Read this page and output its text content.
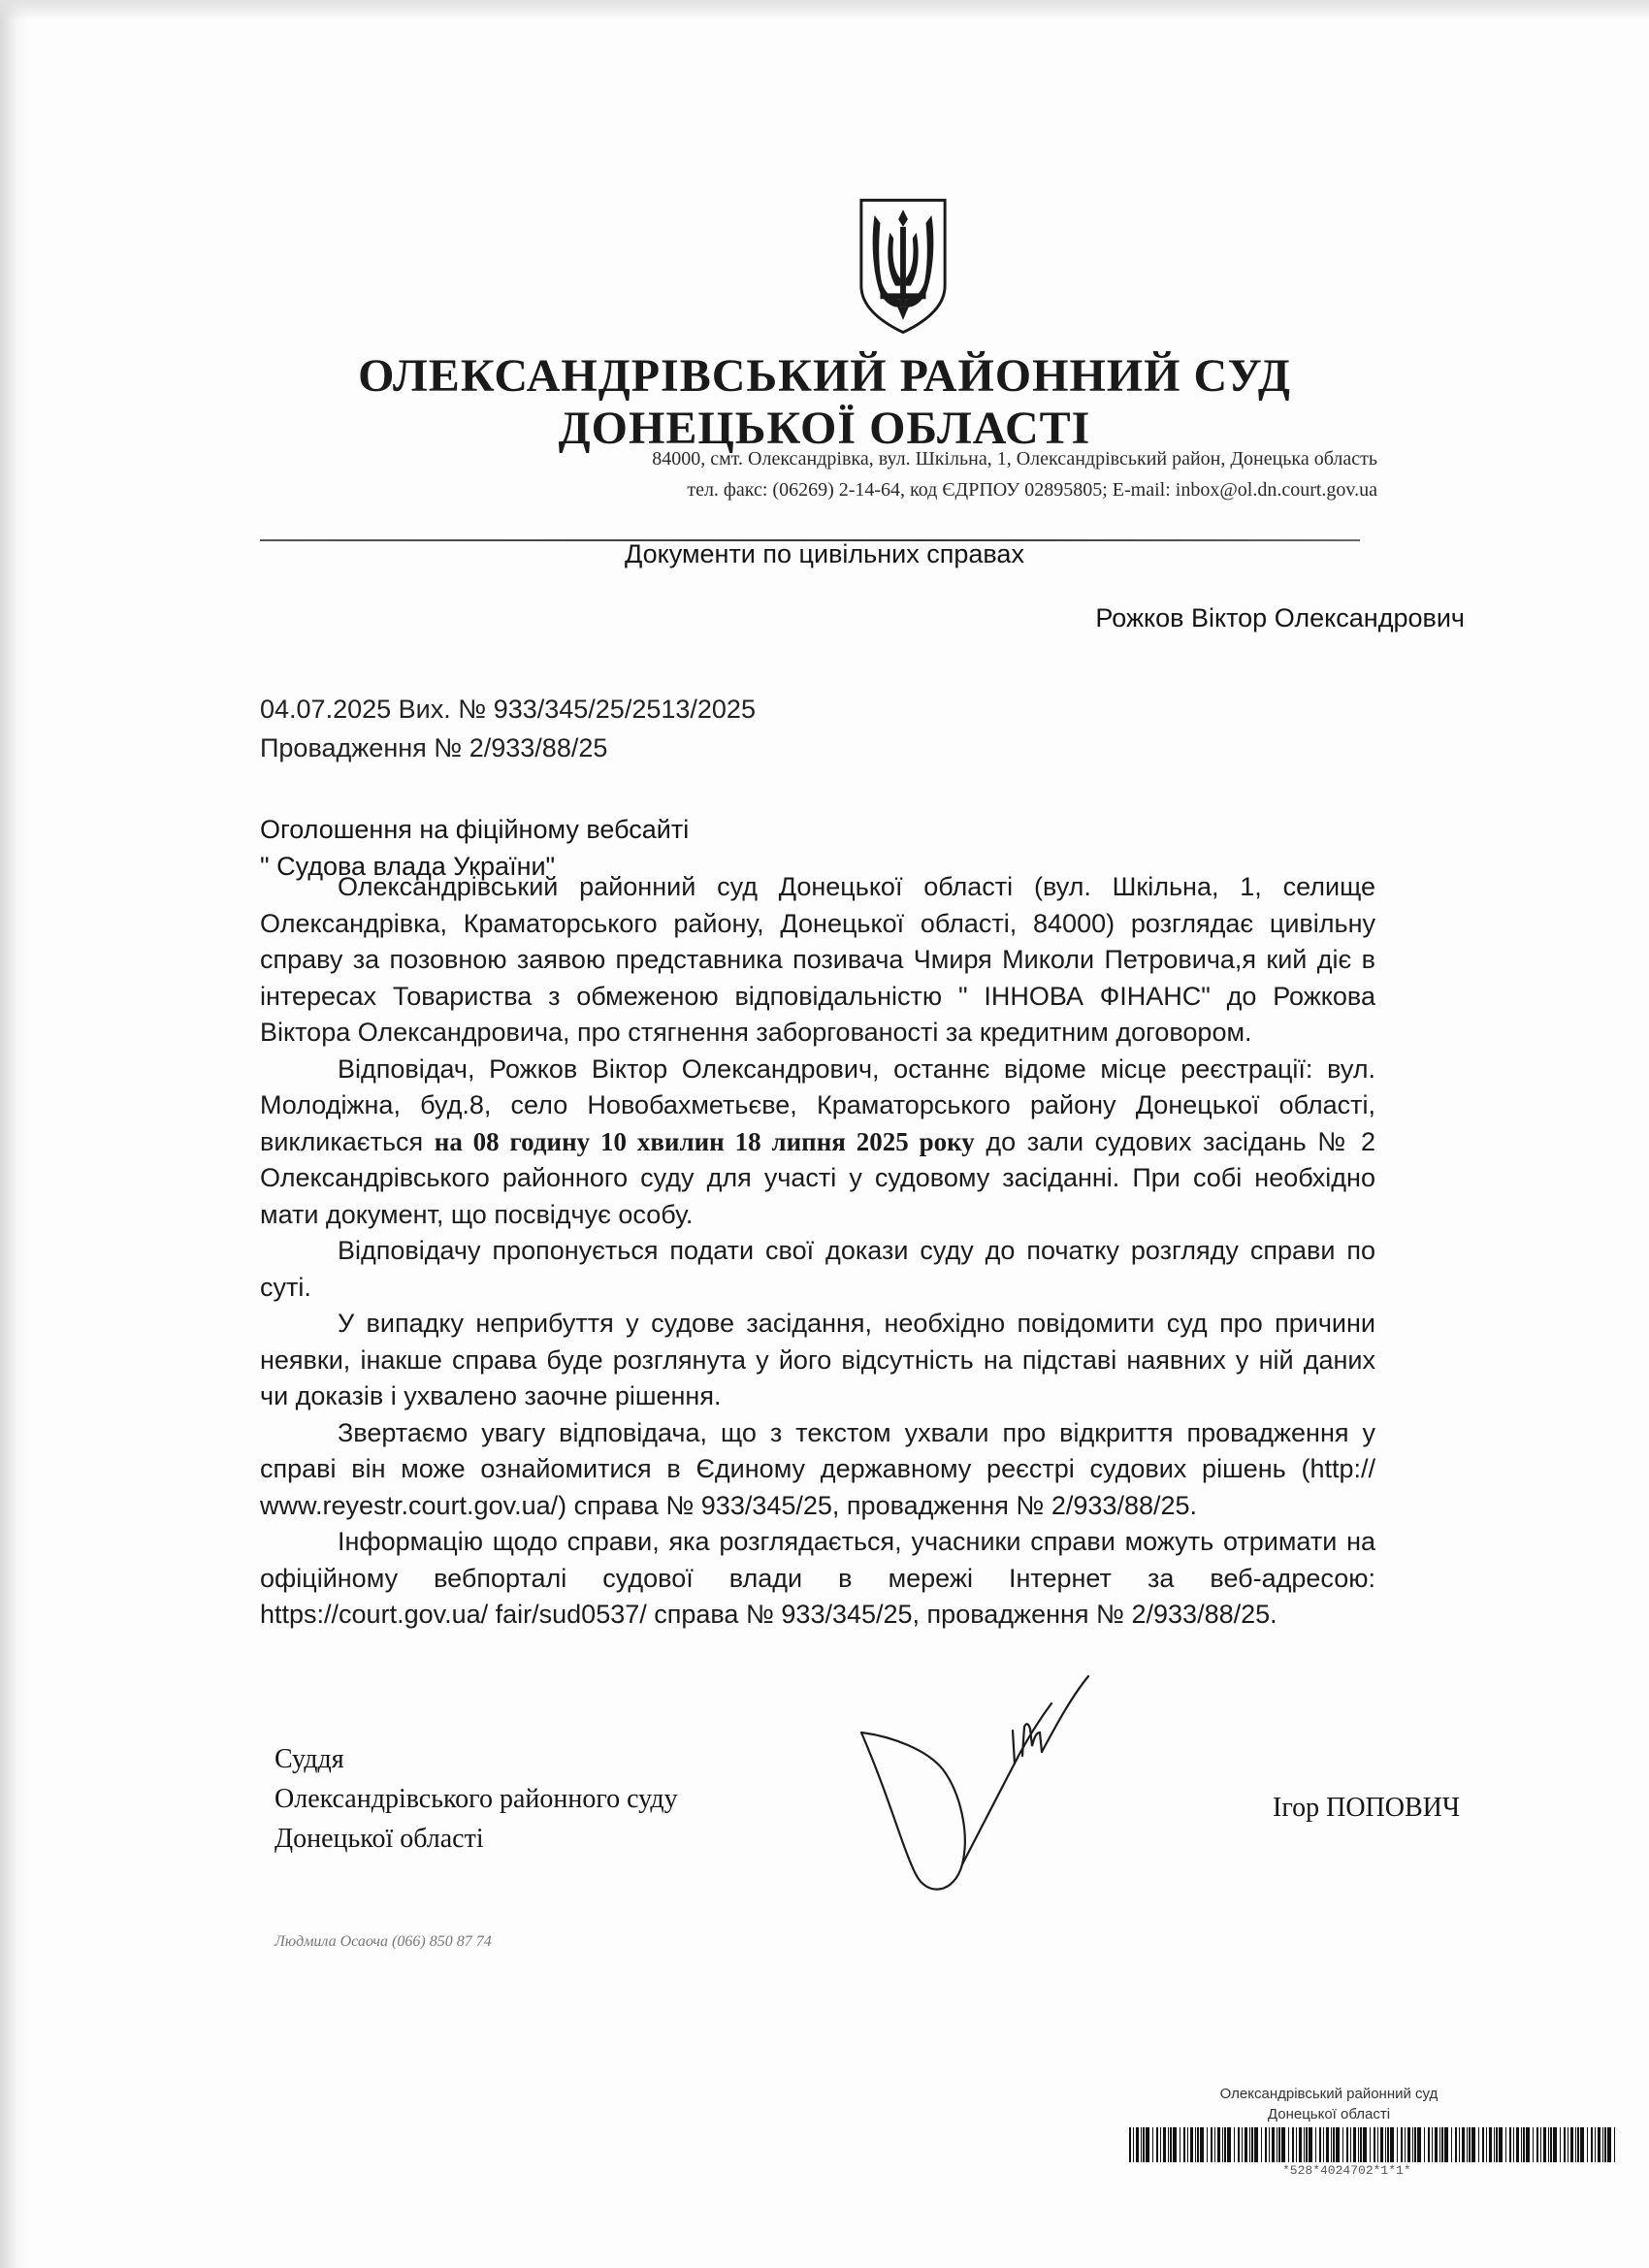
ОЛЕКСАНДРІВСЬКИЙ РАЙОННИЙ СУД
ДОНЕЦЬКОЇ ОБЛАСТІ
84000, смт. Олександрівка, вул. Шкільна, 1, Олександрівський район, Донецька область
тел. факс: (06269) 2-14-64, код ЄДРПОУ 02895805; E-mail: inbox@ol.dn.court.gov.ua
Документи по цивільних справах
Рожков Віктор Олександрович
04.07.2025 Вих. № 933/345/25/2513/2025
Провадження № 2/933/88/25
Оголошення на фіційному вебсайті
" Судова влада України"

Олександрівський районний суд Донецької області (вул. Шкільна, 1, селище Олександрівка, Краматорського району, Донецької області, 84000) розглядає цивільну справу за позовною заявою представника позивача Чмиря Миколи Петровича,я кий діє в інтересах Товариства з обмеженою відповідальністю " ІННОВА ФІНАНС" до Рожкова Віктора Олександровича, про стягнення заборгованості за кредитним договором.

Відповідач, Рожков Віктор Олександрович, останнє відоме місце реєстрації: вул. Молодіжна, буд.8, село Новобахметьєве, Краматорського району Донецької області, викликається на 08 годину 10 хвилин 18 липня 2025 року до зали судових засідань № 2 Олександрівського районного суду для участі у судовому засіданні. При собі необхідно мати документ, що посвідчує особу.

Відповідачу пропонується подати свої докази суду до початку розгляду справи по суті.

У випадку неприбуття у судове засідання, необхідно повідомити суд про причини неявки, інакше справа буде розглянута у його відсутність на підставі наявних у ній даних чи доказів і ухвалено заочне рішення.

Звертаємо увагу відповідача, що з текстом ухвали про відкриття провадження у справі він може ознайомитися в Єдиному державному реєстрі судових рішень (http:// www.reyestr.court.gov.ua/) справа № 933/345/25, провадження № 2/933/88/25.

Інформацію щодо справи, яка розглядається, учасники справи можуть отримати на офіційному вебпорталі судової влади в мережі Інтернет за веб-адресою: https://court.gov.ua/ fair/sud0537/ справа № 933/345/25, провадження № 2/933/88/25.

Суддя
Олександрівського районного суду
Донецької області
Ігор ПОПОВИЧ
Людмила Осаоча (066) 850 87 74
Олександрівський районний суд
Донецької області
*528*4024702*1*1*
